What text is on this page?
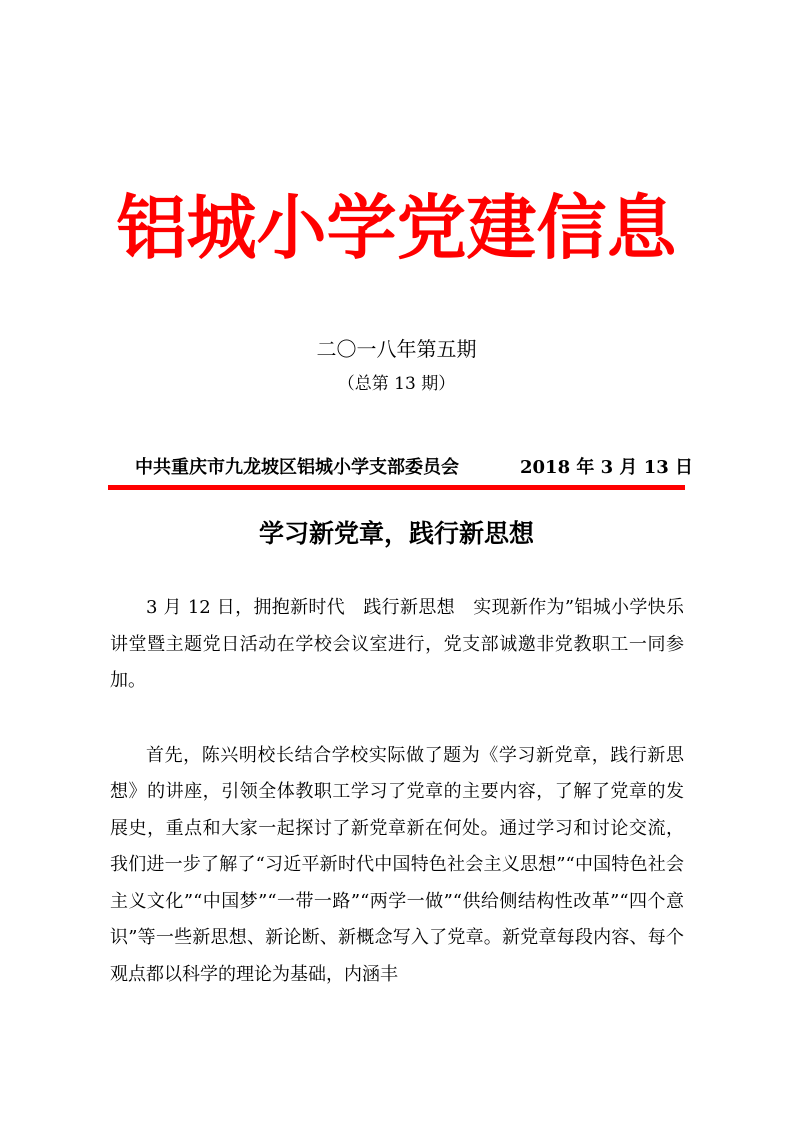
铝城小学党建信息
二〇一八年第五期
（总第 13 期）
中共重庆市九龙坡区铝城小学支部委员会	2018 年 3 月 13 日
学习新党章，践行新思想

3 月 12 日，拥抱新时代　践行新思想　实现新作为”铝城小学快乐讲堂暨主题党日活动在学校会议室进行，党支部诚邀非党教职工一同参加。

首先，陈兴明校长结合学校实际做了题为《学习新党章，践行新思想》的讲座，引领全体教职工学习了党章的主要内容，了解了党章的发展史，重点和大家一起探讨了新党章新在何处。通过学习和讨论交流，我们进一步了解了“习近平新时代中国特色社会主义思想”“中国特色社会主义文化”“中国梦”“一带一路”“两学一做”“供给侧结构性改革”“四个意识”等一些新思想、新论断、新概念写入了党章。新党章每段内容、每个观点都以科学的理论为基础，内涵丰
